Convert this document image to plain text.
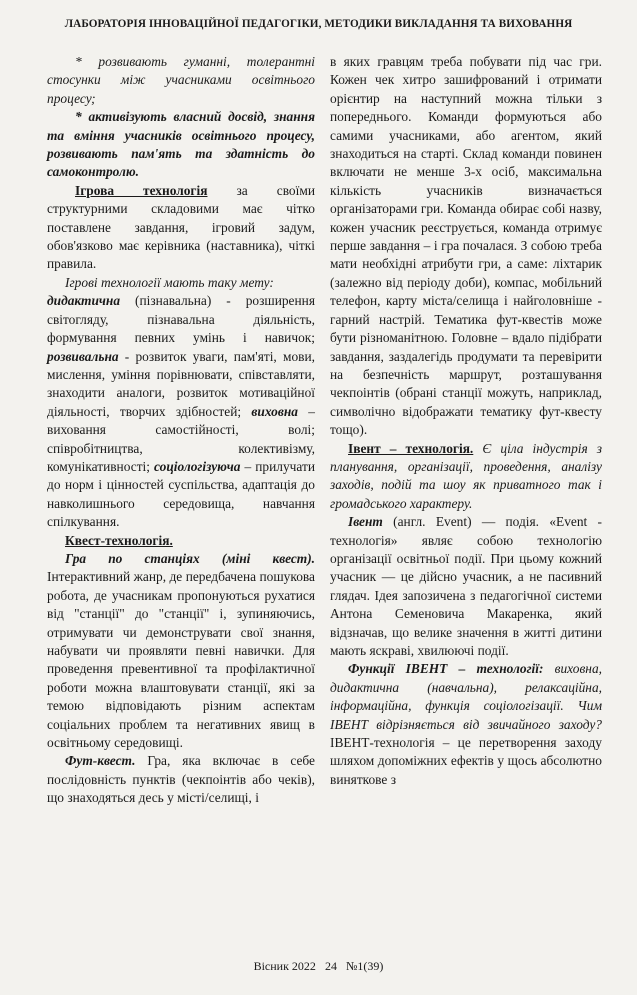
ЛАБОРАТОРІЯ ІННОВАЦІЙНОЇ ПЕДАГОГІКИ, МЕТОДИКИ ВИКЛАДАННЯ ТА ВИХОВАННЯ

* розвивають гуманні, толерантні стосунки між учасниками освітнього процесу;

* активізують власний досвід, знання та вміння учасників освітнього процесу, розвивають пам'ять та здатність до самоконтролю.

Ігрова технологія за своїми структурними складовими має чітко поставлене завдання, ігровий задум, обов'язково має керівника (наставника), чіткі правила.

Ігрові технології мають таку мету:

дидактична (пізнавальна) - розширення світогляду, пізнавальна діяльність, формування певних умінь і навичок; розвивальна - розвиток уваги, пам'яті, мови, мислення, уміння порівнювати, співставляти, знаходити аналоги, розвиток мотиваційної діяльності, творчих здібностей; виховна – виховання самостійності, волі; співробітництва, колективізму, комунікативності; соціологізуюча – прилучати до норм і цінностей суспільства, адаптація до навколишнього середовища, навчання спілкування.

Квест-технологія.

Гра по станціях (міні квест). Інтерактивний жанр, де передбачена пошукова робота, де учасникам пропонуються рухатися від "станції" до "станції" і, зупиняючись, отримувати чи демонструвати свої знання, набувати чи проявляти певні навички. Для проведення превентивної та профілактичної роботи можна влаштовувати станції, які за темою відповідають різним аспектам соціальних проблем та негативних явищ в освітньому середовищі.

Фут-квест. Гра, яка включає в себе послідовність пунктів (чекпоінтів або чеків), що знаходяться десь у місті/селищі, і

в яких гравцям треба побувати під час гри. Кожен чек хитро зашифрований і отримати орієнтир на наступний можна тільки з попереднього. Команди формуються або самими учасниками, або агентом, який знаходиться на старті. Склад команди повинен включати не менше 3-х осіб, максимальна кількість учасників визначається організаторами гри. Команда обирає собі назву, кожен учасник реєструється, команда отримує перше завдання – і гра почалася. З собою треба мати необхідні атрибути гри, а саме: ліхтарик (залежно від періоду доби), компас, мобільний телефон, карту міста/селища і найголовніше - гарний настрій. Тематика фут-квестів може бути різноманітною. Головне – вдало підібрати завдання, заздалегідь продумати та перевірити на безпечність маршрут, розташування чекпоінтів (обрані станції можуть, наприклад, символічно відображати тематику фут-квесту тощо).

Івент – технологія. Є ціла індустрія з планування, організації, проведення, аналізу заходів, подій та шоу як приватного так і громадського характеру.

Івент (англ. Event) — подія. «Event - технологія» являє собою технологію організації освітньої події. При цьому кожний учасник — це дійсно учасник, а не пасивний глядач. Ідея запозичена з педагогічної системи Антона Семеновича Макаренка, який відзначав, що велике значення в житті дитини мають яскраві, хвилюючі події.

Функції ІВЕНТ – технології: виховна, дидактична (навчальна), релаксаційна, інформаційна, функція соціологізації. Чим ІВЕНТ відрізняється від звичайного заходу? ІВЕНТ-технологія – це перетворення заходу шляхом допоміжних ефектів у щось абсолютно виняткове з

Вісник 2022 24 №1(39)
